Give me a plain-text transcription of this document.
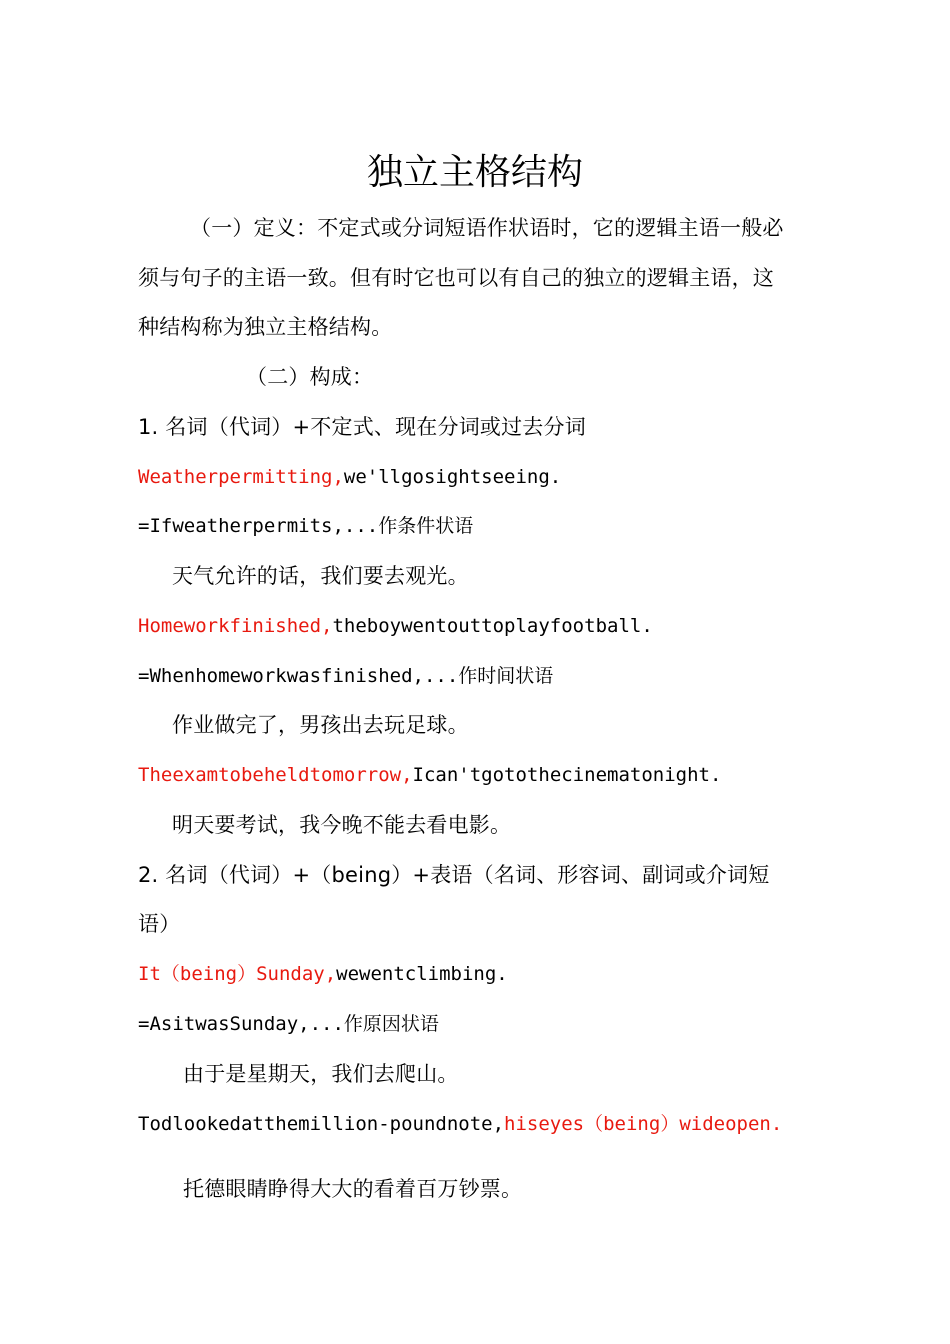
独立主格结构

（一）定义：不定式或分词短语作状语时，它的逻辑主语一般必

须与句子的主语一致。但有时它也可以有自己的独立的逻辑主语，这

种结构称为独立主格结构。

（二）构成：

1. 名词（代词）+不定式、现在分词或过去分词

Weatherpermitting,we'llgosightseeing.

=Ifweatherpermits,...作条件状语

天气允许的话，我们要去观光。

Homeworkfinished,theboywentouttoplayfootball.

=Whenhomeworkwasfinished,...作时间状语

作业做完了，男孩出去玩足球。

Theexamtobeheldtomorrow,Ican'tgotothecinematonight.

明天要考试，我今晚不能去看电影。

2. 名词（代词）+（being）+表语（名词、形容词、副词或介词短

语）

It（being）Sunday,wewentclimbing.

=AsitwasSunday,...作原因状语

由于是星期天，我们去爬山。

Todlookedatthemillion-poundnote,hiseyes（being）wideopen.

托德眼睛睁得大大的看着百万钞票。
